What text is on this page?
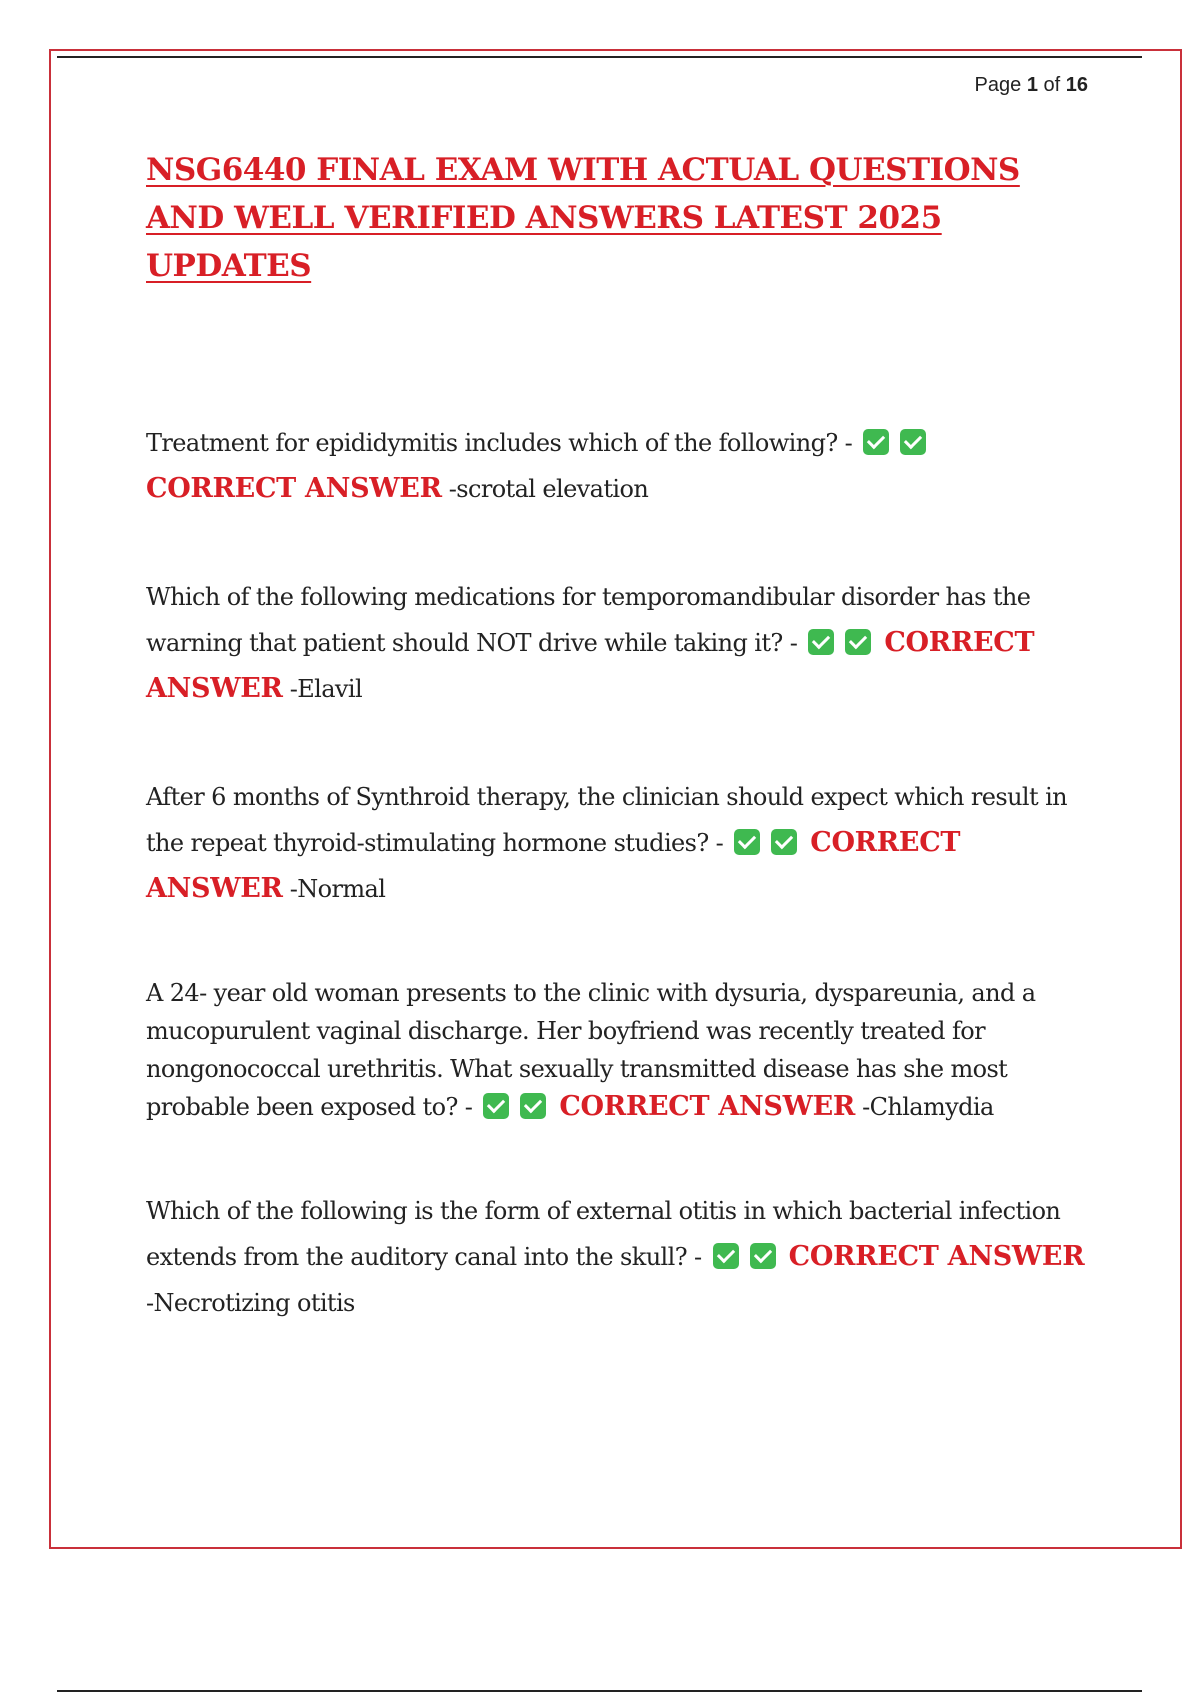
Page 1 of 16
NSG6440 FINAL EXAM WITH ACTUAL QUESTIONS AND WELL VERIFIED ANSWERS LATEST 2025 UPDATES
Treatment for epididymitis includes which of the following? -
CORRECT ANSWER -scrotal elevation
Which of the following medications for temporomandibular disorder has the warning that patient should NOT drive while taking it? -	CORRECT ANSWER -Elavil
After 6 months of Synthroid therapy, the clinician should expect which result in the repeat thyroid-stimulating hormone studies? -	CORRECT ANSWER -Normal
A 24- year old woman presents to the clinic with dysuria, dyspareunia, and a mucopurulent vaginal discharge. Her boyfriend was recently treated for nongonococcal urethritis. What sexually transmitted disease has she most probable been exposed to? -	CORRECT ANSWER -Chlamydia
Which of the following is the form of external otitis in which bacterial infection extends from the auditory canal into the skull? -	CORRECT ANSWER -Necrotizing otitis
